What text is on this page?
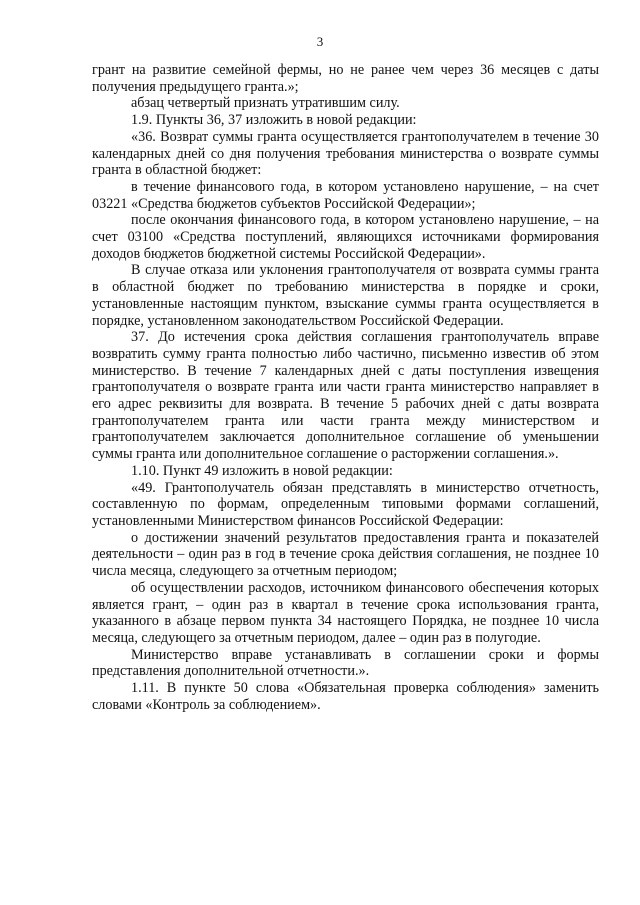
3

грант на развитие семейной фермы, но не ранее чем через 36 месяцев с даты получения предыдущего гранта.»;

абзац четвертый признать утратившим силу.

1.9. Пункты 36, 37 изложить в новой редакции:

«36. Возврат суммы гранта осуществляется грантополучателем в течение 30 календарных дней со дня получения требования министерства о возврате суммы гранта в областной бюджет:

в течение финансового года, в котором установлено нарушение, – на счет 03221 «Средства бюджетов субъектов Российской Федерации»;

после окончания финансового года, в котором установлено нарушение, – на счет 03100 «Средства поступлений, являющихся источниками формирования доходов бюджетов бюджетной системы Российской Федерации».

В случае отказа или уклонения грантополучателя от возврата суммы гранта в областной бюджет по требованию министерства в порядке и сроки, установленные настоящим пунктом, взыскание суммы гранта осуществляется в порядке, установленном законодательством Российской Федерации.

37. До истечения срока действия соглашения грантополучатель вправе возвратить сумму гранта полностью либо частично, письменно известив об этом министерство. В течение 7 календарных дней с даты поступления извещения грантополучателя о возврате гранта или части гранта министерство направляет в его адрес реквизиты для возврата. В течение 5 рабочих дней с даты возврата грантополучателем гранта или части гранта между министерством и грантополучателем заключается дополнительное соглашение об уменьшении суммы гранта или дополнительное соглашение о расторжении соглашения.».

1.10. Пункт 49 изложить в новой редакции:

«49. Грантополучатель обязан представлять в министерство отчетность, составленную по формам, определенным типовыми формами соглашений, установленными Министерством финансов Российской Федерации:

о достижении значений результатов предоставления гранта и показателей деятельности – один раз в год в течение срока действия соглашения, не позднее 10 числа месяца, следующего за отчетным периодом;

об осуществлении расходов, источником финансового обеспечения которых является грант, – один раз в квартал в течение срока использования гранта, указанного в абзаце первом пункта 34 настоящего Порядка, не позднее 10 числа месяца, следующего за отчетным периодом, далее – один раз в полугодие.

Министерство вправе устанавливать в соглашении сроки и формы представления дополнительной отчетности.».

1.11. В пункте 50 слова «Обязательная проверка соблюдения» заменить словами «Контроль за соблюдением».
